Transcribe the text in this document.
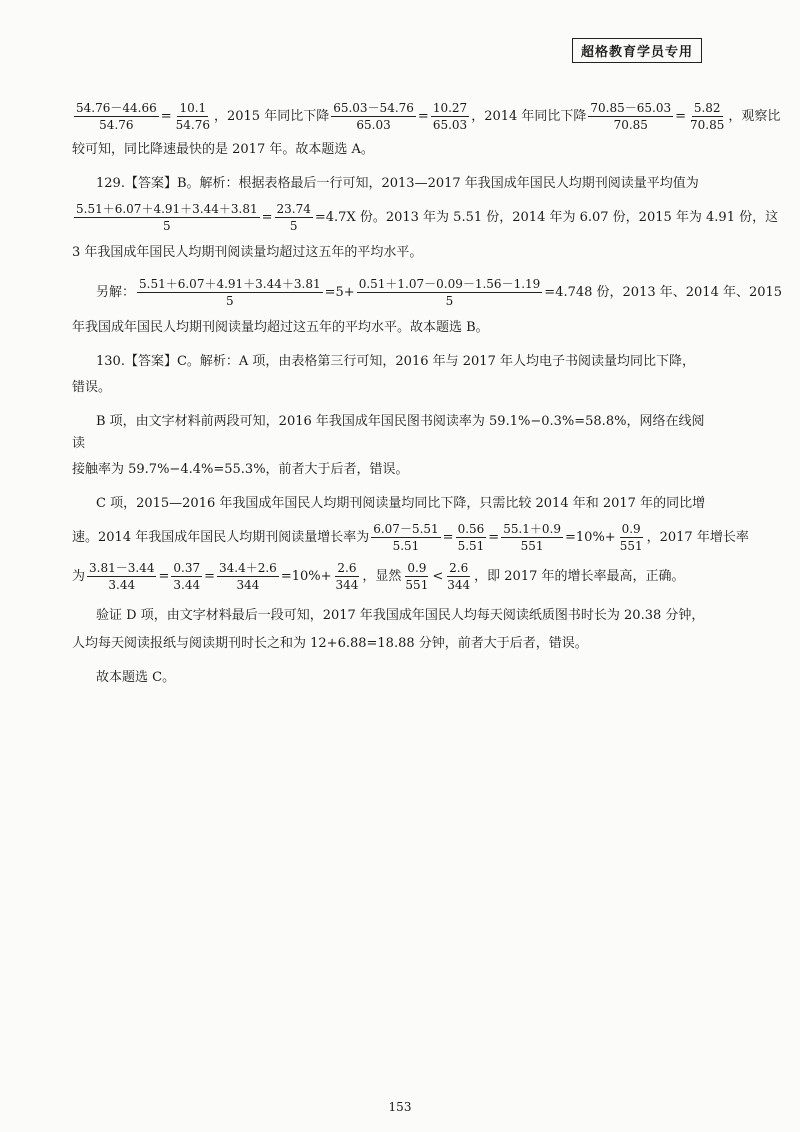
超格教育学员专用
$\frac{54.76-44.66}{54.76} = \frac{10.1}{54.76}$ ，2015 年同比下降 $\frac{65.03-54.76}{65.03} = \frac{10.27}{65.03}$ ，2014 年同比下降 $\frac{70.85-65.03}{70.85} = \frac{5.82}{70.85}$ ，观察比
较可知，同比降速最快的是 2017 年。故本题选 A。

129.【答案】B。解析：根据表格最后一行可知，2013—2017 年我国成年国民人均期刊阅读量平均值为

$\frac{5.51+6.07+4.91+3.44+3.81}{5} = \frac{23.74}{5} =4.7X$ 份。2013 年为 5.51 份，2014 年为 6.07 份，2015 年为 4.91 份，这
3 年我国成年国民人均期刊阅读量均超过这五年的平均水平。
另解： $\frac{5.51+6.07+4.91+3.44+3.81}{5} =5+ \frac{0.51+1.07-0.09-1.56-1.19}{5} =4.748$ 份，2013 年、2014 年、2015
年我国成年国民人均期刊阅读量均超过这五年的平均水平。故本题选 B。

130.【答案】C。解析：A 项，由表格第三行可知，2016 年与 2017 年人均电子书阅读量均同比下降，

错误。

B 项，由文字材料前两段可知，2016 年我国成年国民图书阅读率为 59.1%−0.3%=58.8%，网络在线阅读

接触率为 59.7%−4.4%=55.3%，前者大于后者，错误。

C 项，2015—2016 年我国成年国民人均期刊阅读量均同比下降，只需比较 2014 年和 2017 年的同比增

速。2014 年我国成年国民人均期刊阅读量增长率为 $\frac{6.07-5.51}{5.51} = \frac{0.56}{5.51} = \frac{55.1+0.9}{551} =10\%+ \frac{0.9}{551}$ ，2017 年增长率
为 $\frac{3.81-3.44}{3.44} = \frac{0.37}{3.44} = \frac{34.4+2.6}{344} =10\%+ \frac{2.6}{344}$ ，显然 $\frac{0.9}{551} < \frac{2.6}{344}$ ，即 2017 年的增长率最高，正确。

验证 D 项，由文字材料最后一段可知，2017 年我国成年国民人均每天阅读纸质图书时长为 20.38 分钟，

人均每天阅读报纸与阅读期刊时长之和为 12+6.88=18.88 分钟，前者大于后者，错误。

故本题选 C。

153
